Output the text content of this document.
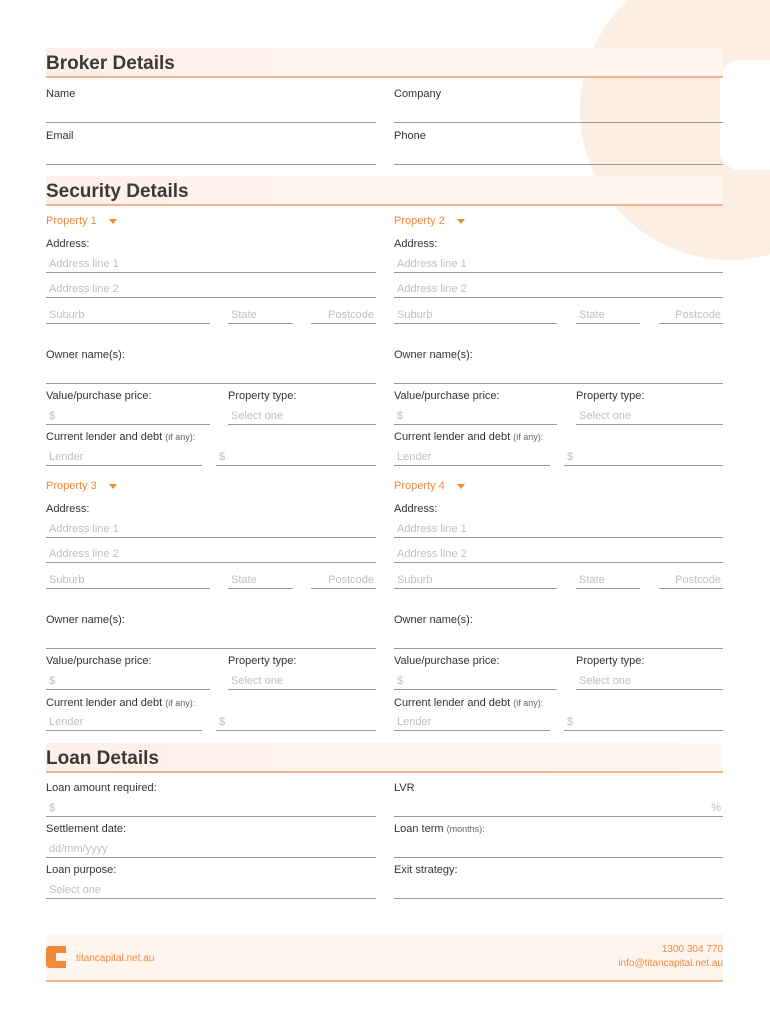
Broker Details
Name	Company
Email	Phone
Security Details
Property 1
Address:
Address line 1
Address line 2
Suburb	State	Postcode
Owner name(s):
Value/purchase price:
$
Property type:
Select one
Current lender and debt (if any):
Lender	$
Property 2
Address:
Address line 1
Address line 2
Suburb	State	Postcode
Owner name(s):
Value/purchase price:
$
Property type:
Select one
Current lender and debt (if any):
Lender	$
Property 3
Address:
Address line 1
Address line 2
Suburb	State	Postcode
Owner name(s):
Value/purchase price:
$
Property type:
Select one
Current lender and debt (if any):
Lender	$
Property 4
Address:
Address line 1
Address line 2
Suburb	State	Postcode
Owner name(s):
Value/purchase price:
$
Property type:
Select one
Current lender and debt (if any):
Lender	$
Loan Details
Loan amount required:
$
LVR
%
Settlement date:
dd/mm/yyyy
Loan term (months):
Loan purpose:
Select one
Exit strategy:
titancapital.net.au
1300 304 770
info@titancapital.net.au
